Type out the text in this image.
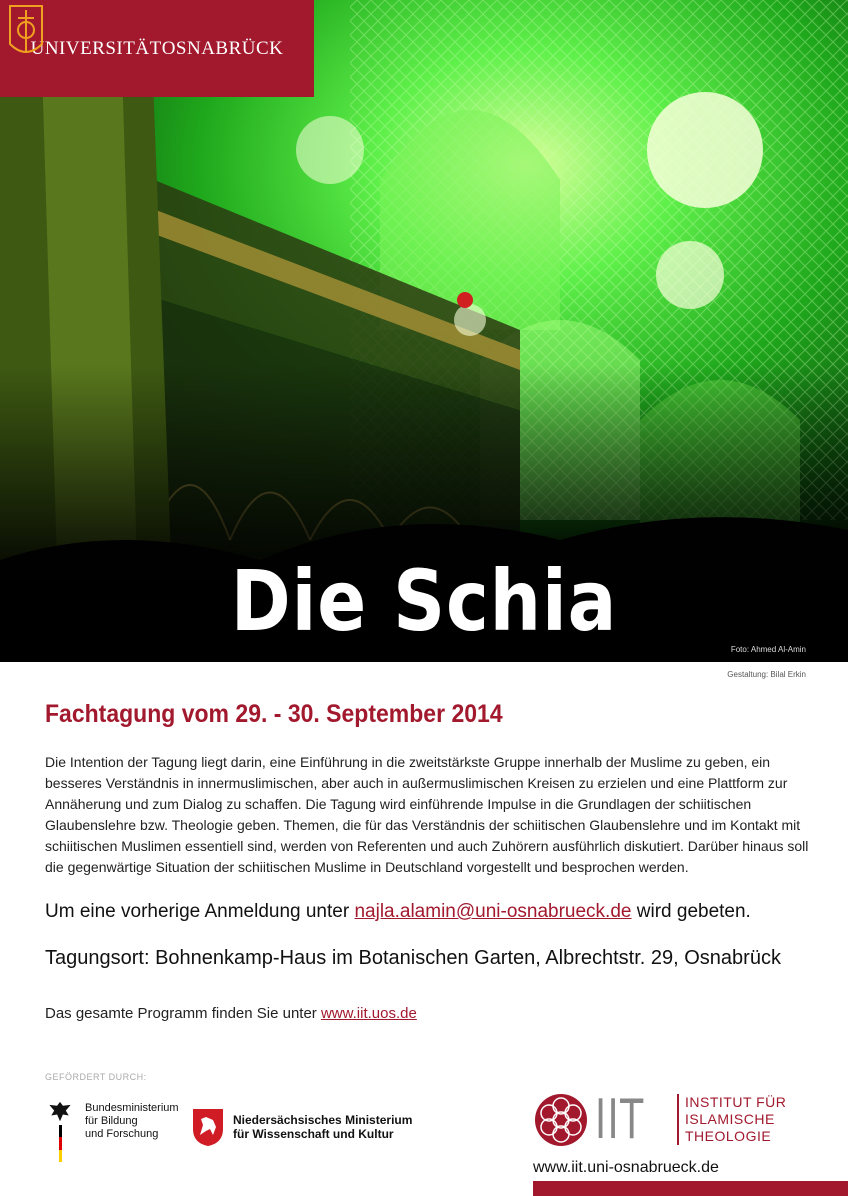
UNIVERSITÄT OSNABRÜCK
Die Schia	Foto: Ahmed Al-Amin
Gestaltung: Bilal Erkin
Fachtagung vom 29. - 30. September 2014
Die Intention der Tagung liegt darin, eine Einführung in die zweitstärkste Gruppe innerhalb der Muslime zu geben, ein besseres Verständnis in innermuslimischen, aber auch in außermuslimischen Kreisen zu erzielen und eine Plattform zur Annäherung und zum Dialog zu schaffen. Die Tagung wird einführende Impulse in die Grundlagen der schiitischen Glaubenslehre bzw. Theologie geben. Themen, die für das Verständnis der schiitischen Glaubenslehre und im Kontakt mit schiitischen Muslimen essentiell sind, werden von Referenten und auch Zuhörern ausführlich diskutiert. Darüber hinaus soll die gegenwärtige Situation der schiitischen Muslime in Deutschland vorgestellt und besprochen werden.
Um eine vorherige Anmeldung unter najla.alamin@uni-osnabrueck.de wird gebeten.
Tagungsort: Bohnenkamp-Haus im Botanischen Garten, Albrechtstr. 29, Osnabrück
Das gesamte Programm finden Sie unter www.iit.uos.de
GEFÖRDERT DURCH:
Bundesministerium
für Bildung
und Forschung
Niedersächsisches Ministerium
für Wissenschaft und Kultur	IIT	INSTITUT FÜR
ISLAMISCHE
THEOLOGIE
www.iit.uni-osnabrueck.de
